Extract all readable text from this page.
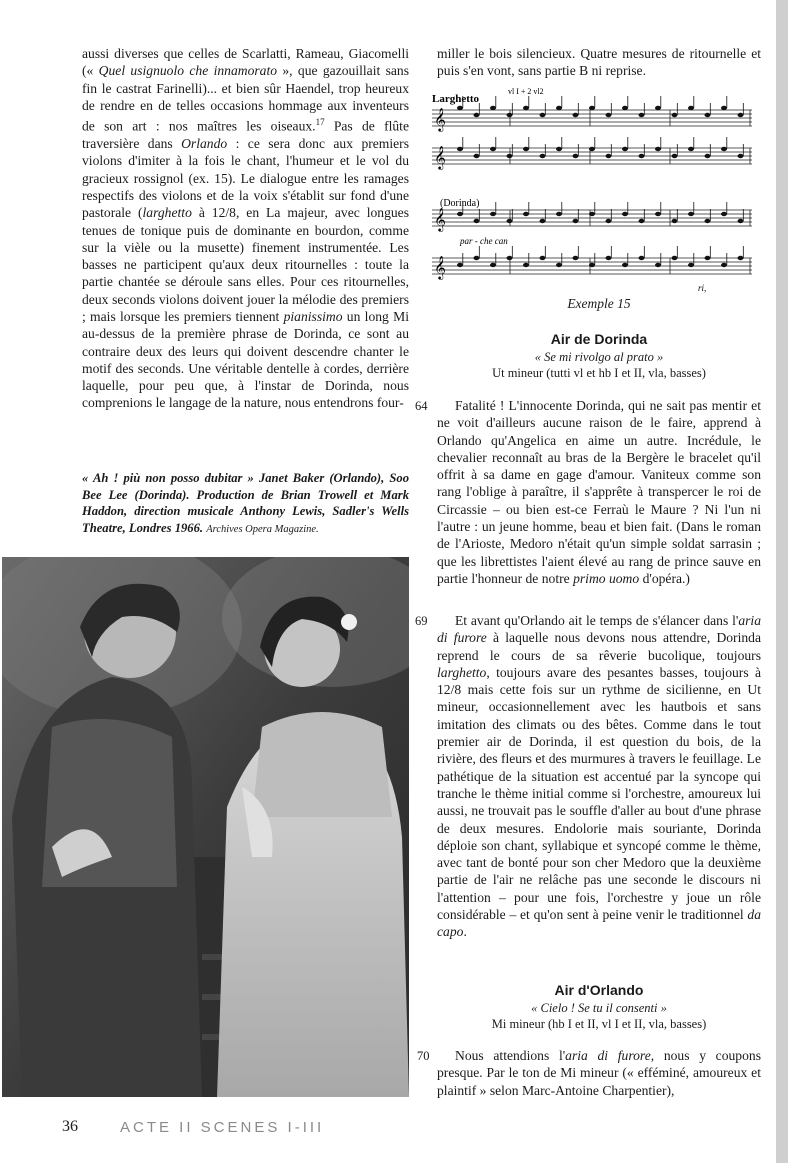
aussi diverses que celles de Scarlatti, Rameau, Giacomelli (« Quel usignuolo che innamorato », que gazouillait sans fin le castrat Farinelli)... et bien sûr Haendel, trop heureux de rendre en de telles occasions hommage aux inventeurs de son art : nos maîtres les oiseaux.$^{17}$ Pas de flûte traversière dans Orlando : ce sera donc aux premiers violons d'imiter à la fois le chant, l'humeur et le vol du gracieux rossignol (ex. 15). Le dialogue entre les ramages respectifs des violons et de la voix s'établit sur fond d'une pastorale (larghetto à 12/8, en La majeur, avec longues tenues de tonique puis de dominante en bourdon, comme sur la vièle ou la musette) finement instrumentée. Les basses ne participent qu'aux deux ritournelles : toute la partie chantée se déroule sans elles. Pour ces ritournelles, deux seconds violons doivent jouer la mélodie des premiers ; mais lorsque les premiers tiennent pianissimo un long Mi au-dessus de la première phrase de Dorinda, ce sont au contraire deux des leurs qui doivent descendre chanter le motif des seconds. Une véritable dentelle à cordes, derrière laquelle, pour peu que, à l'instar de Dorinda, nous comprenions le langage de la nature, nous entendrons four-

« Ah ! più non posso dubitar » Janet Baker (Orlando), Soo Bee Lee (Dorinda). Production de Brian Trowell et Mark Haddon, direction musicale Anthony Lewis, Sadler's Wells Theatre, Londres 1966. Archives Opera Magazine.

miller le bois silencieux. Quatre mesures de ritournelle et puis s'en vont, sans partie B ni reprise.

Larghetto
vl I + 2 vl2
(Dorinda)
par - che can
ri,
𝄞
𝄞
𝄞
𝄞
Exemple 15
Air de Dorinda
« Se mi rivolgo al prato »
Ut mineur (tutti vl et hb I et II, vla, basses)
64	Fatalité ! L'innocente Dorinda, qui ne sait pas mentir et ne voit d'ailleurs aucune raison de le faire, apprend à Orlando qu'Angelica en aime un autre. Incrédule, le chevalier reconnaît au bras de la Bergère le bracelet qu'il offrit à sa dame en gage d'amour. Vaniteux comme son rang l'oblige à paraître, il s'apprête à transpercer le roi de Circassie – ou bien est-ce Ferraù le Maure ? Ni l'un ni l'autre : un jeune homme, beau et bien fait. (Dans le roman de l'Arioste, Medoro n'était qu'un simple soldat sarrasin ; que les librettistes l'aient élevé au rang de prince sauve en partie l'honneur de notre primo uomo d'opéra.)
69	Et avant qu'Orlando ait le temps de s'élancer dans l'aria di furore à laquelle nous devons nous attendre, Dorinda reprend le cours de sa rêverie bucolique, toujours larghetto, toujours avare des pesantes basses, toujours à 12/8 mais cette fois sur un rythme de sicilienne, en Ut mineur, occasionnellement avec les hautbois et sans imitation des climats ou des bêtes. Comme dans le tout premier air de Dorinda, il est question du bois, de la rivière, des fleurs et des murmures à travers le feuillage. Le pathétique de la situation est accentué par la syncope qui tranche le thème initial comme si l'orchestre, amoureux lui aussi, ne trouvait pas le souffle d'aller au bout d'une phrase de deux mesures. Endolorie mais souriante, Dorinda déploie son chant, syllabique et syncopé comme le thème, avec tant de bonté pour son cher Medoro que la deuxième partie de l'air ne relâche pas une seconde le discours ni l'attention – pour une fois, l'orchestre y joue un rôle considérable – et qu'on sent à peine venir le traditionnel da capo.
Air d'Orlando
« Cielo ! Se tu il consenti »
Mi mineur (hb I et II, vl I et II, vla, basses)
70	Nous attendions l'aria di furore, nous y coupons presque. Par le ton de Mi mineur (« efféminé, amoureux et plaintif » selon Marc-Antoine Charpentier),
36	ACTE II SCENES I-III
